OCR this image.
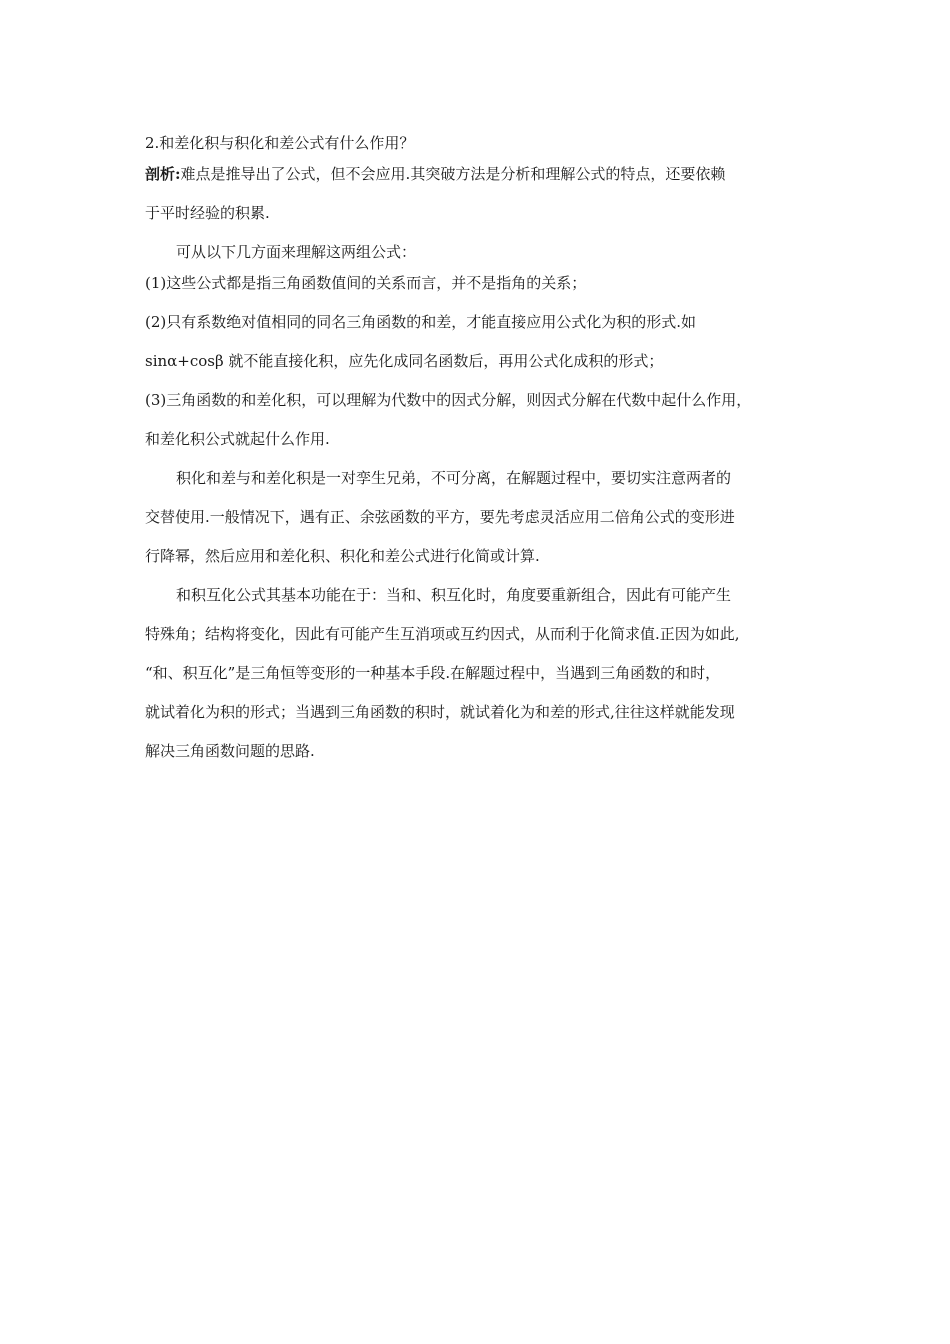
2.和差化积与积化和差公式有什么作用？
剖析:难点是推导出了公式，但不会应用.其突破方法是分析和理解公式的特点，还要依赖
于平时经验的积累.
可从以下几方面来理解这两组公式：
(1)这些公式都是指三角函数值间的关系而言，并不是指角的关系；
(2)只有系数绝对值相同的同名三角函数的和差，才能直接应用公式化为积的形式.如
sinα+cosβ 就不能直接化积，应先化成同名函数后，再用公式化成积的形式；
(3)三角函数的和差化积，可以理解为代数中的因式分解，则因式分解在代数中起什么作用，
和差化积公式就起什么作用.
积化和差与和差化积是一对孪生兄弟，不可分离，在解题过程中，要切实注意两者的
交替使用.一般情况下，遇有正、余弦函数的平方，要先考虑灵活应用二倍角公式的变形进
行降幂，然后应用和差化积、积化和差公式进行化简或计算.
和积互化公式其基本功能在于：当和、积互化时，角度要重新组合，因此有可能产生
特殊角；结构将变化，因此有可能产生互消项或互约因式，从而利于化简求值.正因为如此,
“和、积互化”是三角恒等变形的一种基本手段.在解题过程中，当遇到三角函数的和时，
就试着化为积的形式；当遇到三角函数的积时，就试着化为和差的形式,往往这样就能发现
解决三角函数问题的思路.
